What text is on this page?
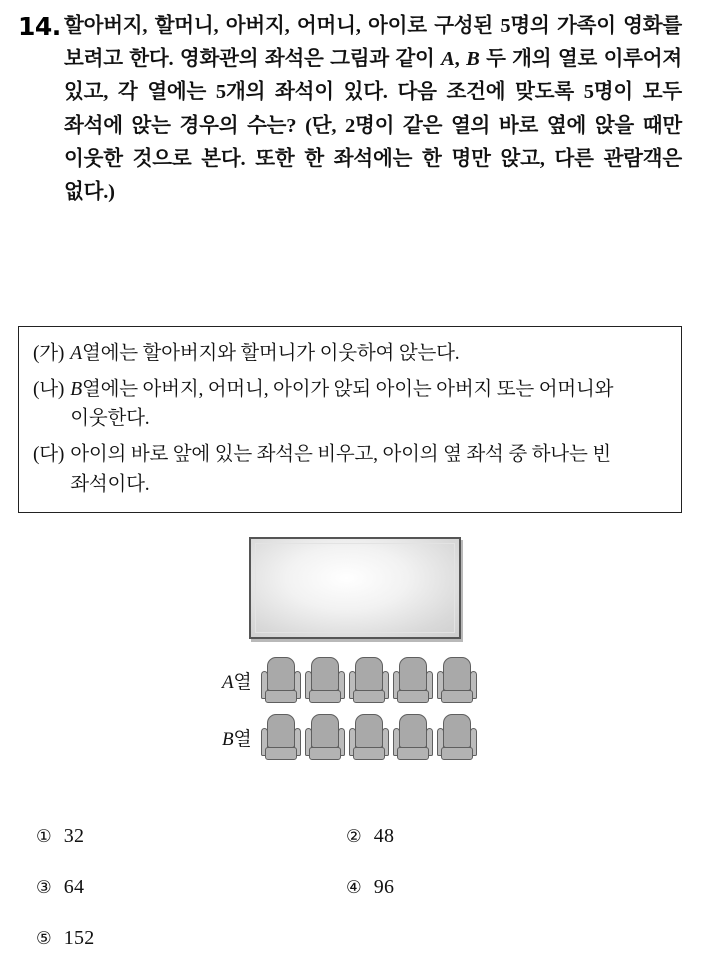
14. 할아버지, 할머니, 아버지, 어머니, 아이로 구성된 5명의 가족이 영화를 보려고 한다. 영화관의 좌석은 그림과 같이 A, B 두 개의 열로 이루어져 있고, 각 열에는 5개의 좌석이 있다. 다음 조건에 맞도록 5명이 모두 좌석에 앉는 경우의 수는? (단, 2명이 같은 열의 바로 옆에 앉을 때만 이웃한 것으로 본다. 또한 한 좌석에는 한 명만 앉고, 다른 관람객은 없다.)
(가) A열에는 할아버지와 할머니가 이웃하여 앉는다.
(나) B열에는 아버지, 어머니, 아이가 앉되 아이는 아버지 또는 어머니와 이웃한다.
(다) 아이의 바로 앞에 있는 좌석은 비우고, 아이의 옆 좌석 중 하나는 빈 좌석이다.
A열
B열
① 32	② 48
③ 64	④ 96
⑤ 152
